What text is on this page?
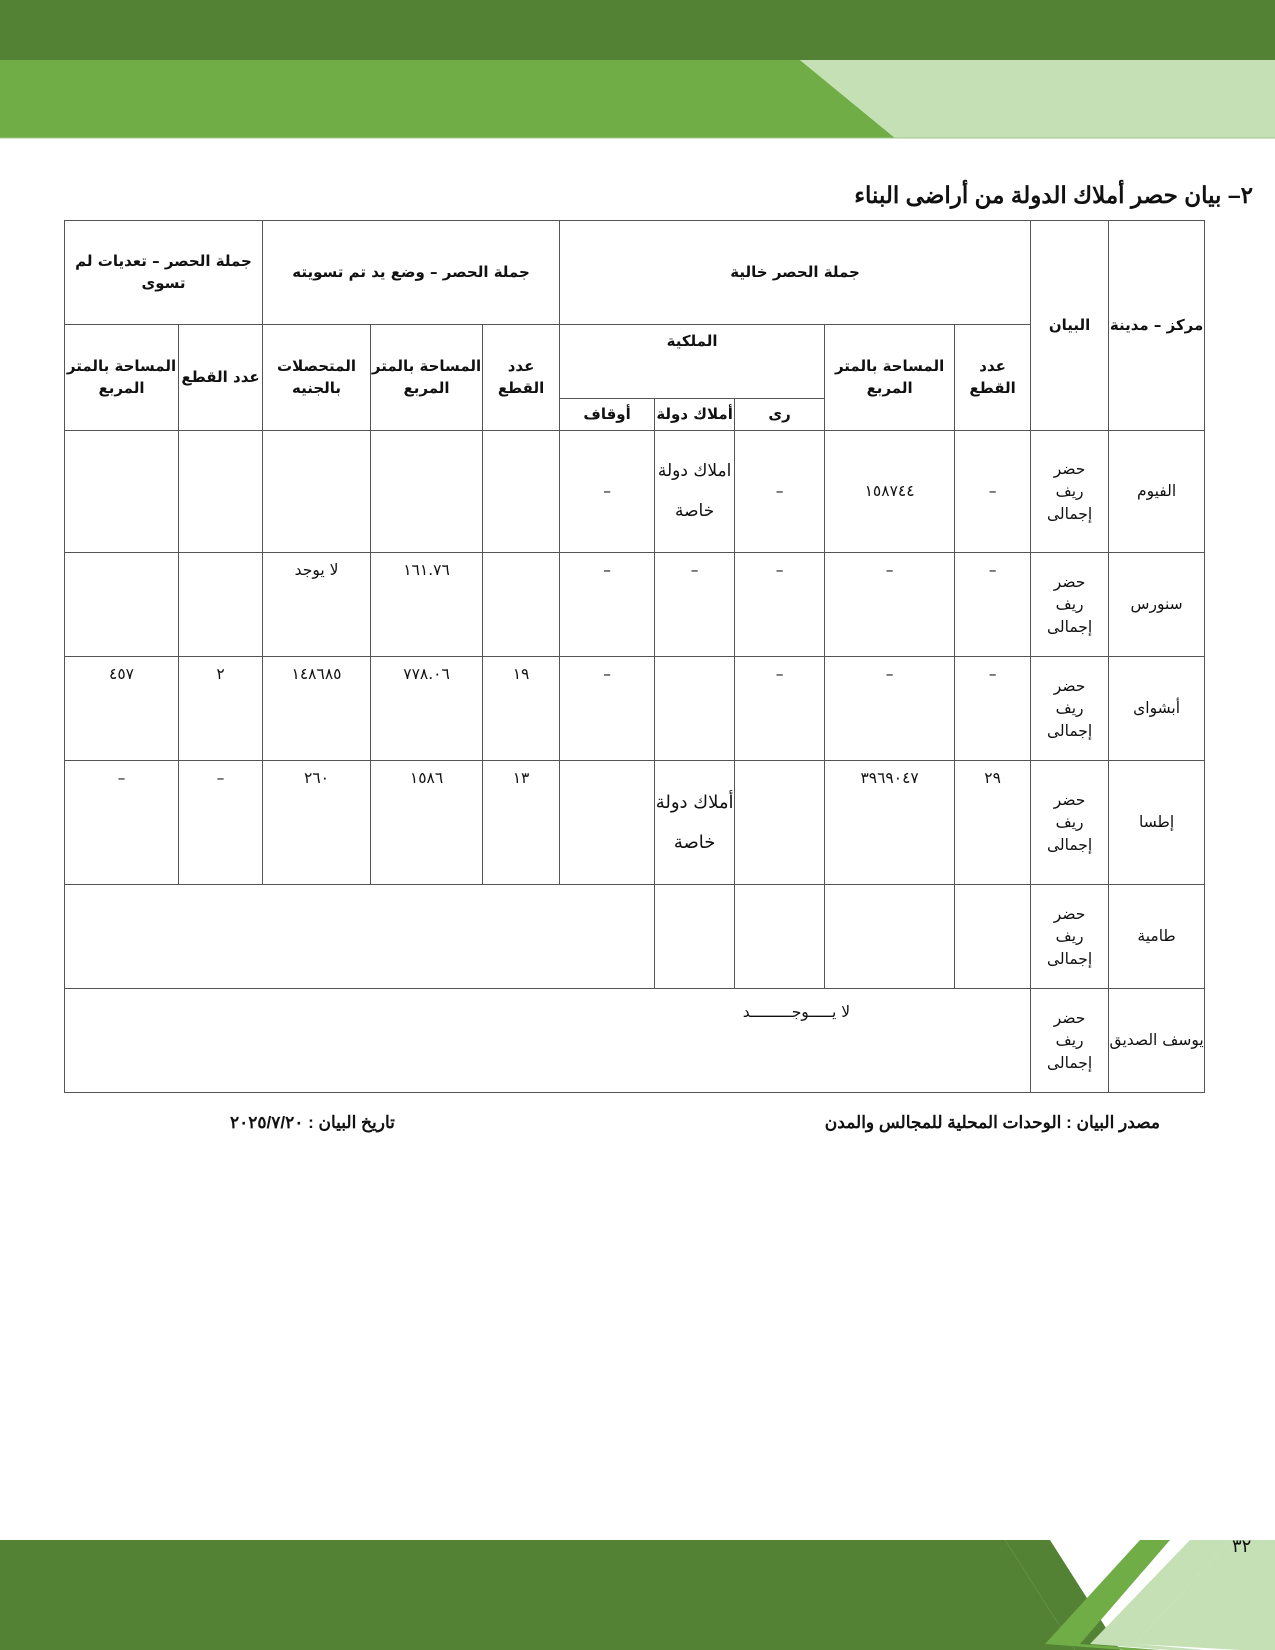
٢– بيان حصر أملاك الدولة من أراضى البناء
مركز – مدينة	البيان	جملة الحصر خالية					جملة الحصر – وضع يد تم تسويته			جملة الحصر – تعديات لم تسوى	
		عدد القطع	المساحة بالمتر المربع	الملكية			عدد القطع	المساحة بالمتر المربع	المتحصلات بالجنيه	عدد القطع	المساحة بالمتر المربع
				رى	أملاك دولة	أوقاف					
الفيوم	حضر
ريف
إجمالى	–	١٥٨٧٤٤	–	املاك دولة خاصة	–					
سنورس	حضر
ريف
إجمالى	–	–	–	–	–		١٦١.٧٦	لا يوجد		
أبشواى	حضر
ريف
إجمالى	–	–	–		–	١٩	٧٧٨.٠٦	١٤٨٦٨٥	٢	٤٥٧
إطسا	حضر
ريف
إجمالى	٢٩	٣٩٦٩٠٤٧		أملاك دولة خاصة		١٣	١٥٨٦	٢٦٠	–	–
طامية	حضر
ريف
إجمالى										

يوسف الصديق	حضر
ريف
إجمالى	لا يـــــوجـــــــــد									
مصدر البيان : الوحدات المحلية للمجالس والمدن
تاريخ البيان : ٢٠٢٥/٧/٢٠
٣٢
